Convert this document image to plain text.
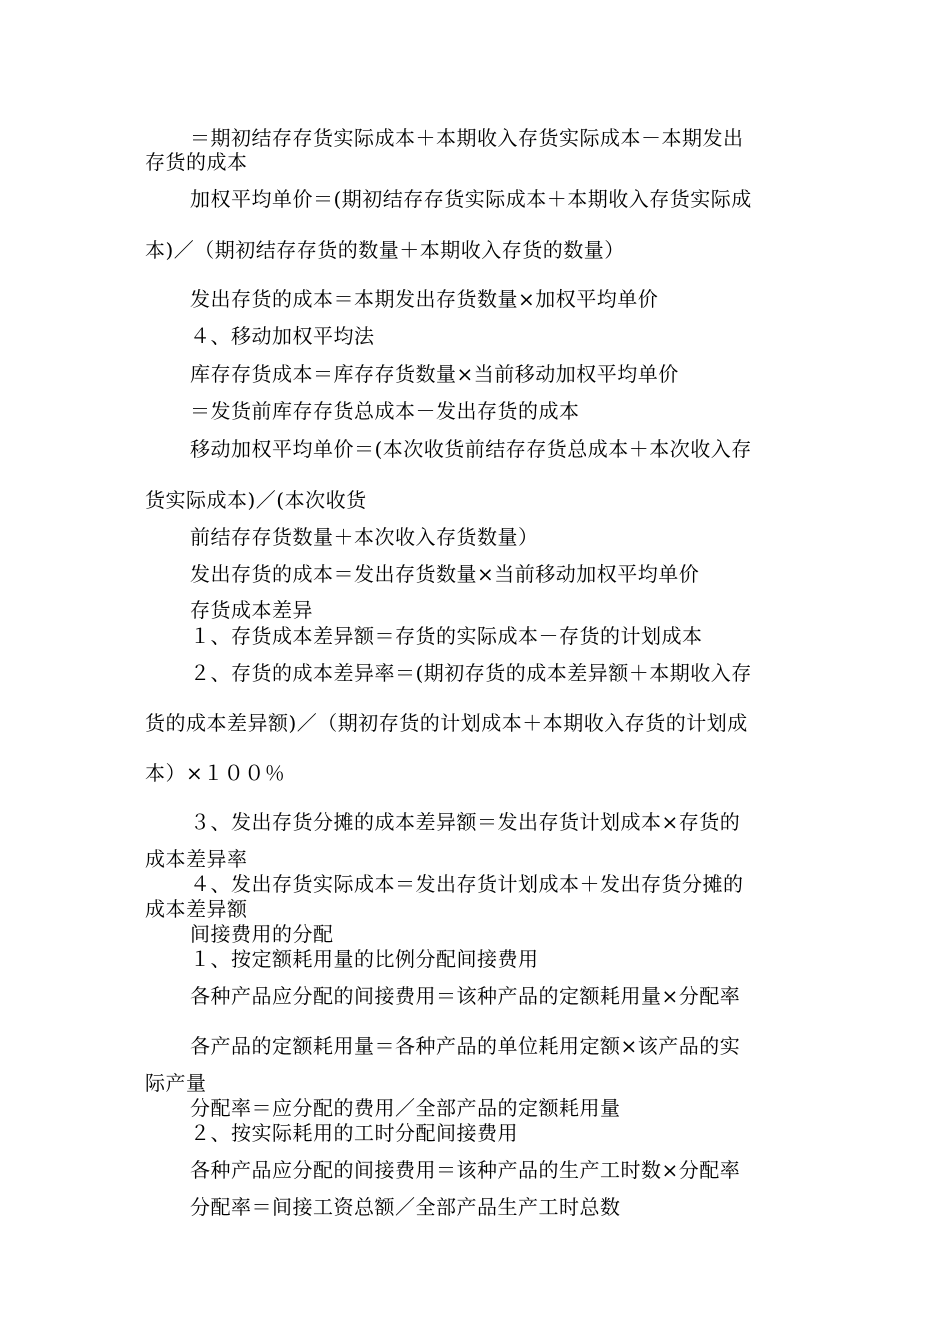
＝期初结存存货实际成本＋本期收入存货实际成本－本期发出
存货的成本
加权平均单价＝(期初结存存货实际成本＋本期收入存货实际成
本)／（期初结存存货的数量＋本期收入存货的数量）
发出存货的成本＝本期发出存货数量×加权平均单价
４、移动加权平均法
库存存货成本＝库存存货数量×当前移动加权平均单价
＝发货前库存存货总成本－发出存货的成本
移动加权平均单价＝(本次收货前结存存货总成本＋本次收入存
货实际成本)／(本次收货
前结存存货数量＋本次收入存货数量）
发出存货的成本＝发出存货数量×当前移动加权平均单价
存货成本差异
１、存货成本差异额＝存货的实际成本－存货的计划成本
２、存货的成本差异率＝(期初存货的成本差异额＋本期收入存
货的成本差异额)／（期初存货的计划成本＋本期收入存货的计划成
本）×１００％
３、发出存货分摊的成本差异额＝发出存货计划成本×存货的
成本差异率
４、发出存货实际成本＝发出存货计划成本＋发出存货分摊的
成本差异额
间接费用的分配
１、按定额耗用量的比例分配间接费用
各种产品应分配的间接费用＝该种产品的定额耗用量×分配率
各产品的定额耗用量＝各种产品的单位耗用定额×该产品的实
际产量
分配率＝应分配的费用／全部产品的定额耗用量
２、按实际耗用的工时分配间接费用
各种产品应分配的间接费用＝该种产品的生产工时数×分配率
分配率＝间接工资总额／全部产品生产工时总数
